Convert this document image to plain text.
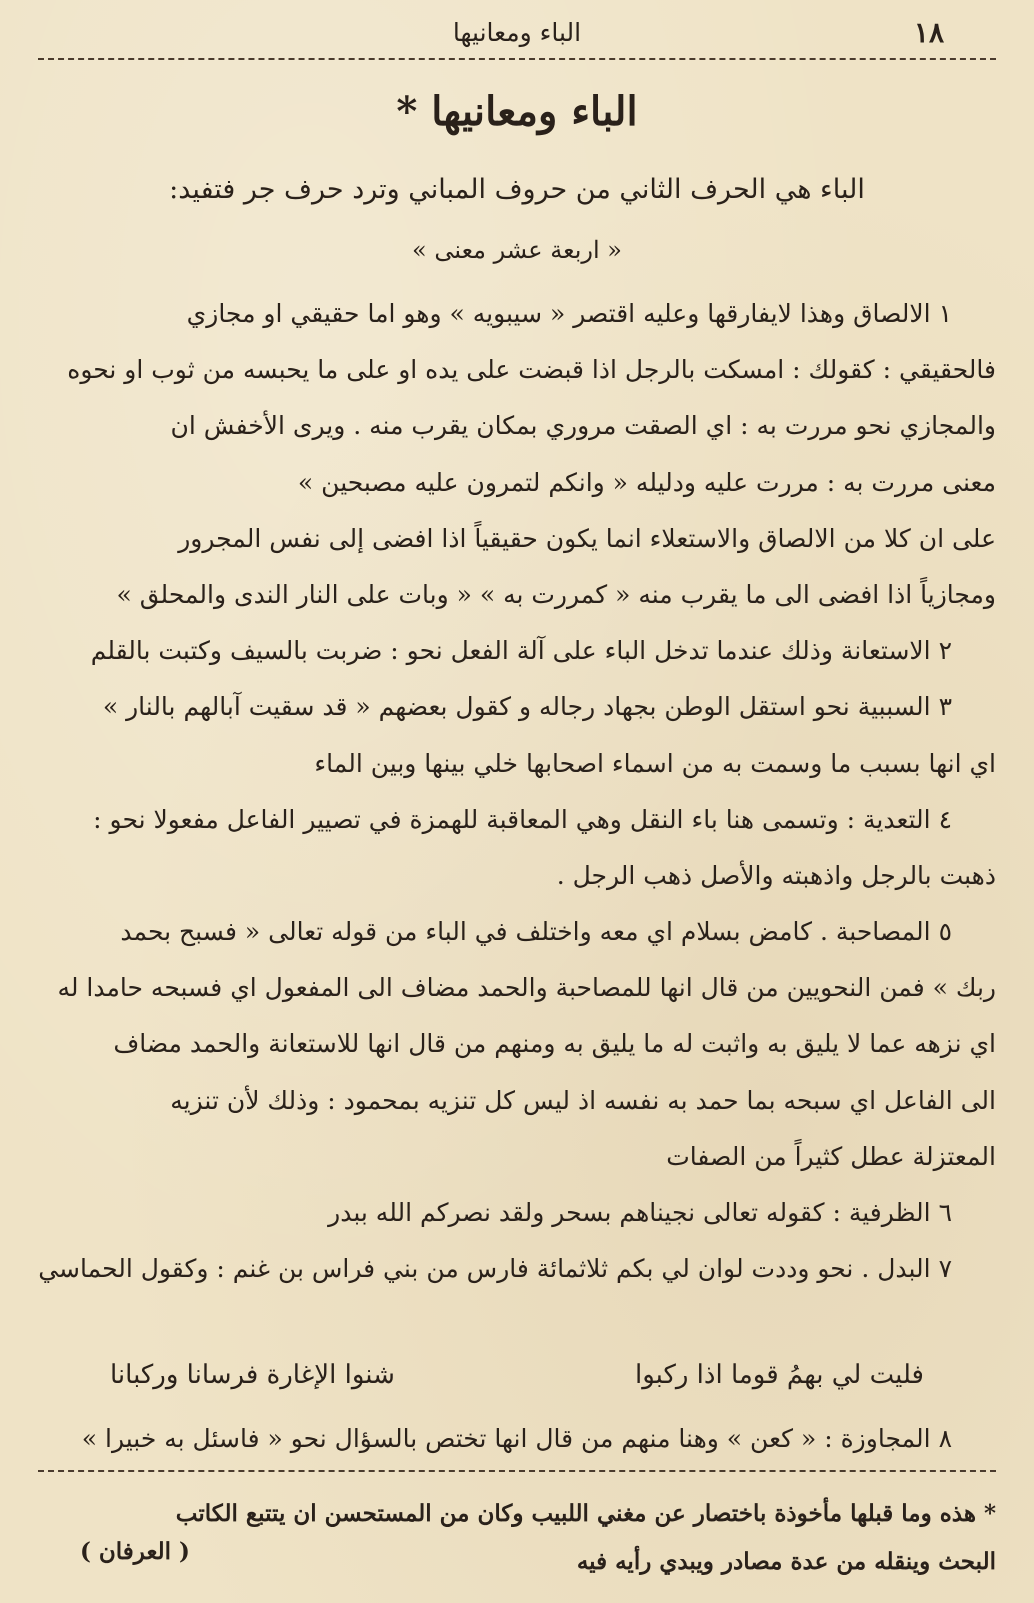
١٨
الباء ومعانيها
الباء ومعانيها *
الباء هي الحرف الثاني من حروف المباني وترد حرف جر فتفيد:
« اربعة عشر معنى »
١ الالصاق وهذا لايفارقها وعليه اقتصر « سيبويه » وهو اما حقيقي او مجازي
فالحقيقي : كقولك : امسكت بالرجل اذا قبضت على يده او على ما يحبسه من ثوب او نحوه
والمجازي نحو مررت به : اي الصقت مروري بمكان يقرب منه . ويرى الأخفش ان
معنى مررت به : مررت عليه ودليله « وانكم لتمرون عليه مصبحين »
على ان كلا من الالصاق والاستعلاء انما يكون حقيقياً اذا افضى إلى نفس المجرور
ومجازياً اذا افضى الى ما يقرب منه « كمررت به » « وبات على النار الندى والمحلق »
٢ الاستعانة وذلك عندما تدخل الباء على آلة الفعل نحو : ضربت بالسيف وكتبت بالقلم
٣ السببية نحو استقل الوطن بجهاد رجاله و كقول بعضهم « قد سقيت آبالهم بالنار »
اي انها بسبب ما وسمت به من اسماء اصحابها خلي بينها وبين الماء
٤ التعدية : وتسمى هنا باء النقل وهي المعاقبة للهمزة في تصيير الفاعل مفعولا نحو :
ذهبت بالرجل واذهبته والأصل ذهب الرجل .
٥ المصاحبة . كامض بسلام اي معه واختلف في الباء من قوله تعالى « فسبح بحمد
ربك » فمن النحويين من قال انها للمصاحبة والحمد مضاف الى المفعول اي فسبحه حامدا له
اي نزهه عما لا يليق به واثبت له ما يليق به ومنهم من قال انها للاستعانة والحمد مضاف
الى الفاعل اي سبحه بما حمد به نفسه اذ ليس كل تنزيه بمحمود : وذلك لأن تنزيه
المعتزلة عطل كثيراً من الصفات
٦ الظرفية : كقوله تعالى نجيناهم بسحر ولقد نصركم الله ببدر
٧ البدل . نحو وددت لوان لي بكم ثلاثمائة فارس من بني فراس بن غنم : وكقول الحماسي
فليت لي بهمُ قوما اذا ركبوا
شنوا الإغارة فرسانا وركبانا
٨ المجاوزة : « كعن » وهنا منهم من قال انها تختص بالسؤال نحو « فاسئل به خبيرا »
* هذه وما قبلها مأخوذة باختصار عن مغني اللبيب وكان من المستحسن ان يتتبع الكاتب
البحث وينقله من عدة مصادر ويبدي رأيه فيه
( العرفان )
